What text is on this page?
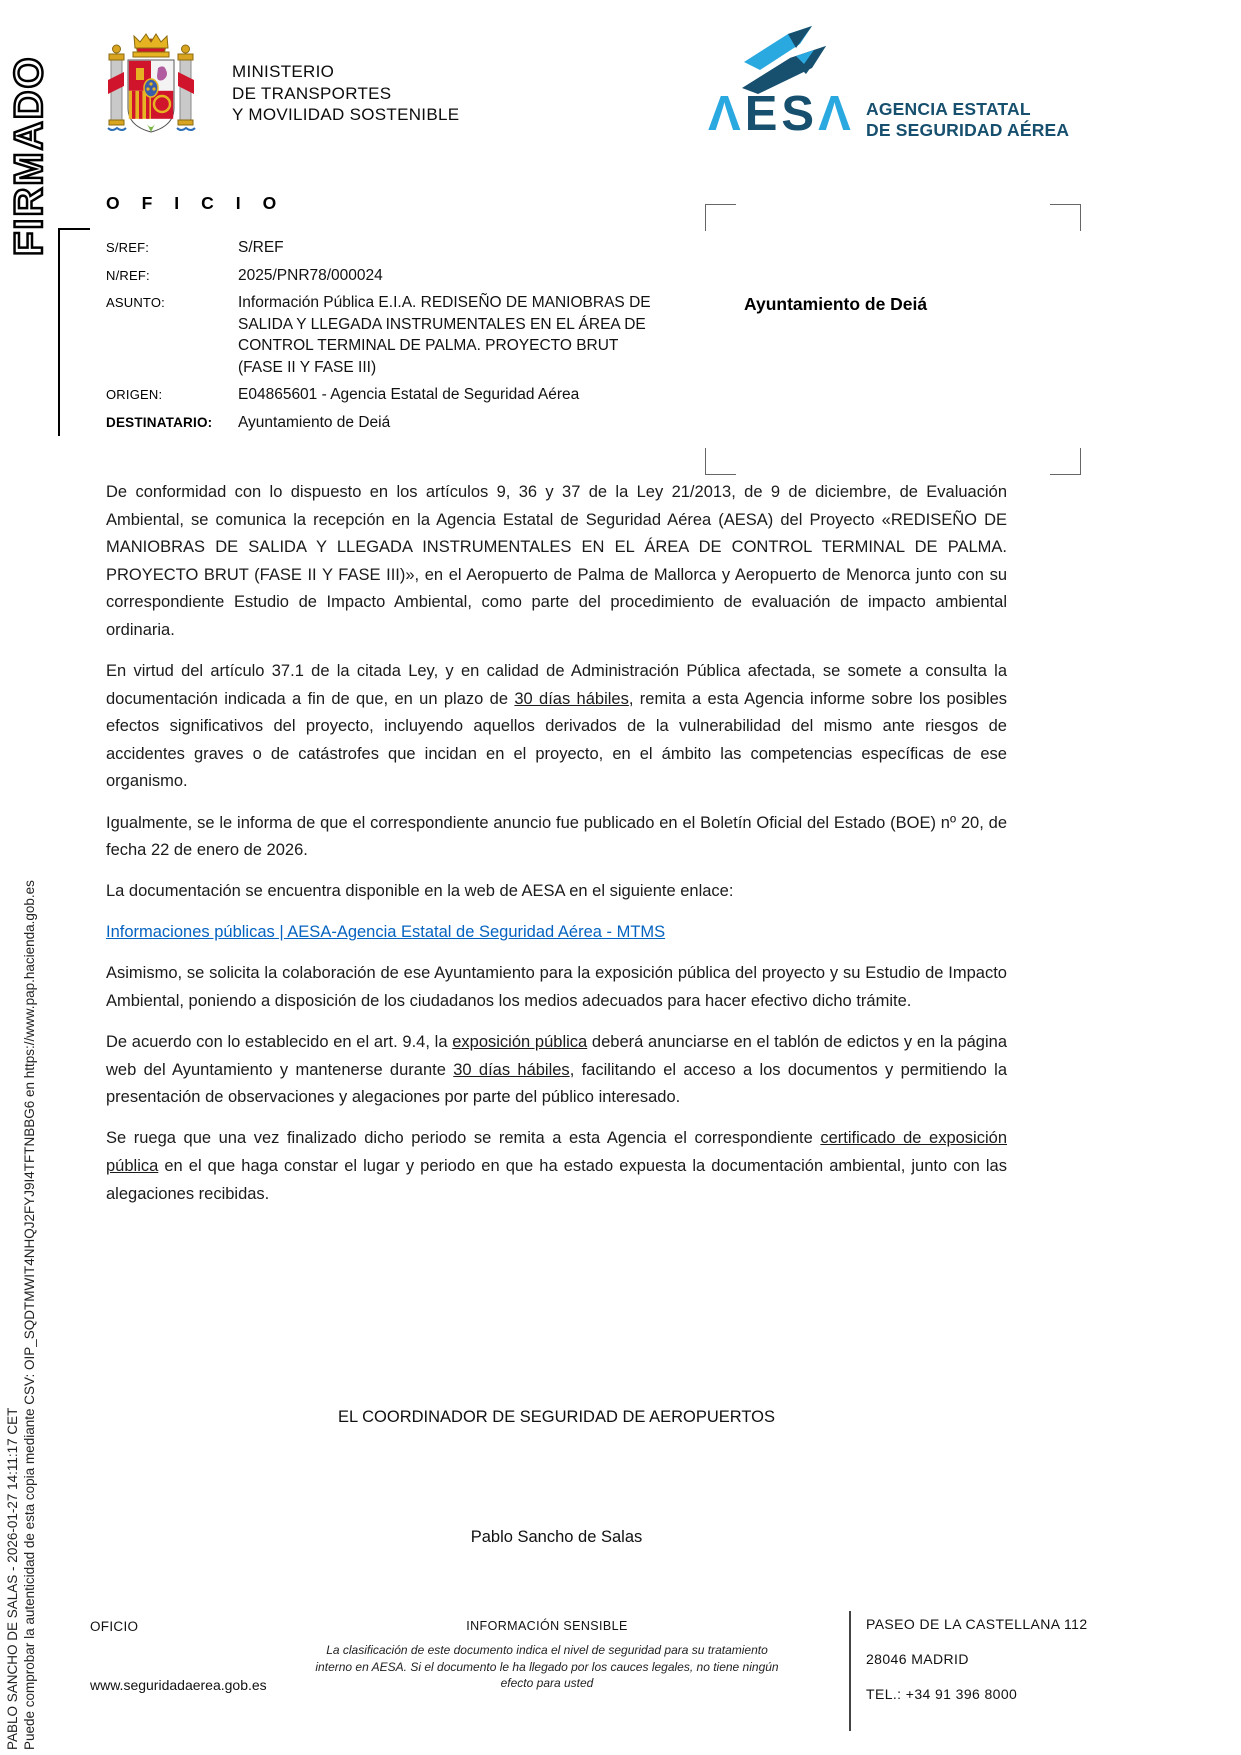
FIRMADO
PABLO SANCHO DE SALAS - 2026-01-27 14:11:17 CET Puede comprobar la autenticidad de esta copia mediante CSV: OIP_SQDTMWIT4NHQJ2FYJ9I4TFTNBBG6 en https://www.pap.hacienda.gob.es
MINISTERIO
DE TRANSPORTES
Y MOVILIDAD SOSTENIBLE	ΛESΛ AGENCIA ESTATAL
DE SEGURIDAD AÉREA
OFICIO
S/REF:	S/REF
N/REF:	2025/PNR78/000024
ASUNTO:	Información Pública E.I.A. REDISEÑO DE MANIOBRAS DE SALIDA Y LLEGADA INSTRUMENTALES EN EL ÁREA DE CONTROL TERMINAL DE PALMA. PROYECTO BRUT (FASE II Y FASE III)
ORIGEN:	E04865601 - Agencia Estatal de Seguridad Aérea
DESTINATARIO:	Ayuntamiento de Deiá
Ayuntamiento de Deiá

De conformidad con lo dispuesto en los artículos 9, 36 y 37 de la Ley 21/2013, de 9 de diciembre, de Evaluación Ambiental, se comunica la recepción en la Agencia Estatal de Seguridad Aérea (AESA) del Proyecto «REDISEÑO DE MANIOBRAS DE SALIDA Y LLEGADA INSTRUMENTALES EN EL ÁREA DE CONTROL TERMINAL DE PALMA. PROYECTO BRUT (FASE II Y FASE III)», en el Aeropuerto de Palma de Mallorca y Aeropuerto de Menorca junto con su correspondiente Estudio de Impacto Ambiental, como parte del procedimiento de evaluación de impacto ambiental ordinaria.

En virtud del artículo 37.1 de la citada Ley, y en calidad de Administración Pública afectada, se somete a consulta la documentación indicada a fin de que, en un plazo de 30 días hábiles, remita a esta Agencia informe sobre los posibles efectos significativos del proyecto, incluyendo aquellos derivados de la vulnerabilidad del mismo ante riesgos de accidentes graves o de catástrofes que incidan en el proyecto, en el ámbito las competencias específicas de ese organismo.

Igualmente, se le informa de que el correspondiente anuncio fue publicado en el Boletín Oficial del Estado (BOE) nº 20, de fecha 22 de enero de 2026.

La documentación se encuentra disponible en la web de AESA en el siguiente enlace:

Informaciones públicas | AESA-Agencia Estatal de Seguridad Aérea - MTMS

Asimismo, se solicita la colaboración de ese Ayuntamiento para la exposición pública del proyecto y su Estudio de Impacto Ambiental, poniendo a disposición de los ciudadanos los medios adecuados para hacer efectivo dicho trámite.

De acuerdo con lo establecido en el art. 9.4, la exposición pública deberá anunciarse en el tablón de edictos y en la página web del Ayuntamiento y mantenerse durante 30 días hábiles, facilitando el acceso a los documentos y permitiendo la presentación de observaciones y alegaciones por parte del público interesado.

Se ruega que una vez finalizado dicho periodo se remita a esta Agencia el correspondiente certificado de exposición pública en el que haga constar el lugar y periodo en que ha estado expuesta la documentación ambiental, junto con las alegaciones recibidas.

EL COORDINADOR DE SEGURIDAD DE AEROPUERTOS
Pablo Sancho de Salas
OFICIO
www.seguridadaerea.gob.es
INFORMACIÓN SENSIBLE
La clasificación de este documento indica el nivel de seguridad para su tratamiento interno en AESA. Si el documento le ha llegado por los cauces legales, no tiene ningún efecto para usted
PASEO DE LA CASTELLANA 112
28046 MADRID
TEL.: +34 91 396 8000
